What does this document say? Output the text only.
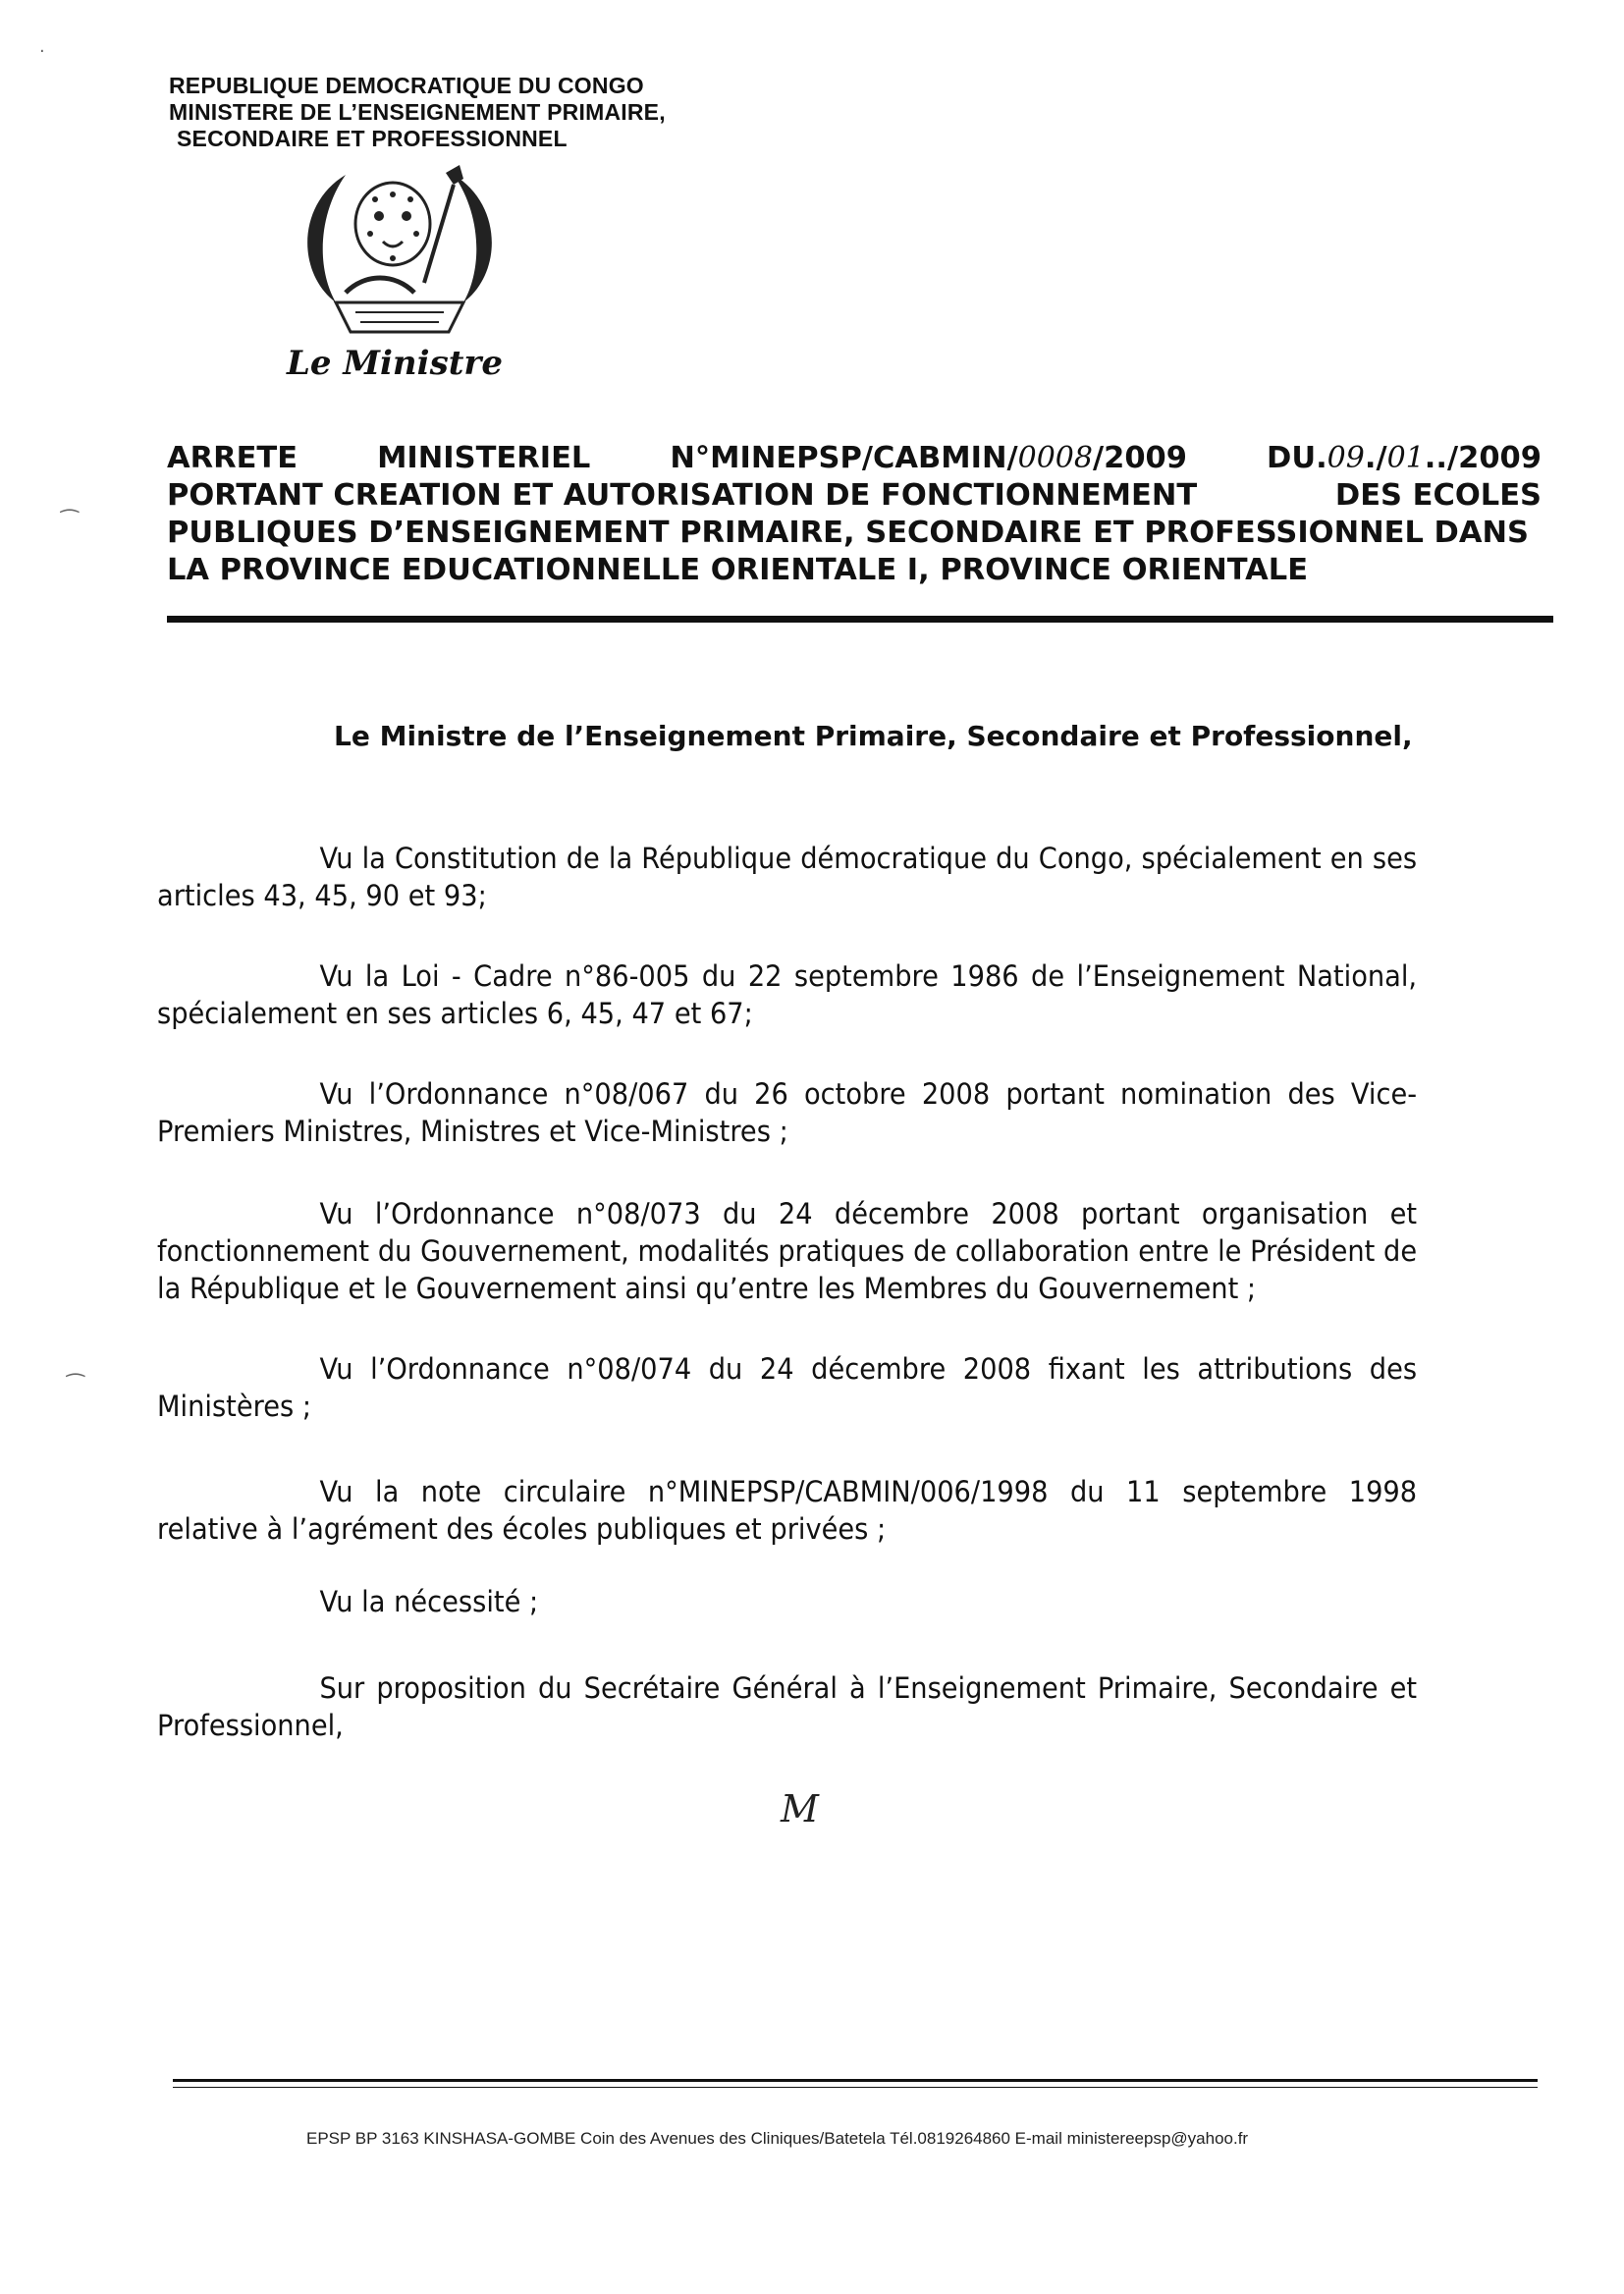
·
⁀
⁀
REPUBLIQUE DEMOCRATIQUE DU CONGO
MINISTERE DE L’ENSEIGNEMENT PRIMAIRE,
SECONDAIRE ET PROFESSIONNEL
Le Ministre
ARRETE	MINISTERIEL	N°MINEPSP/CABMIN/0008/2009	DU.09./01../2009
PORTANT CREATION ET AUTORISATION DE FONCTIONNEMENT	DES ECOLES
PUBLIQUES D’ENSEIGNEMENT PRIMAIRE, SECONDAIRE ET PROFESSIONNEL DANS
LA PROVINCE EDUCATIONNELLE ORIENTALE I, PROVINCE ORIENTALE
Le Ministre de l’Enseignement Primaire, Secondaire et Professionnel,
Vu la Constitution de la République démocratique du Congo, spécialement en ses articles 43, 45, 90 et 93;
Vu la Loi - Cadre n°86-005 du 22 septembre 1986 de l’Enseignement National, spécialement en ses articles 6, 45, 47 et 67;
Vu l’Ordonnance n°08/067 du 26 octobre 2008 portant nomination des Vice-Premiers Ministres, Ministres et Vice-Ministres ;
Vu l’Ordonnance n°08/073 du 24 décembre 2008 portant organisation et fonctionnement du Gouvernement, modalités pratiques de collaboration entre le Président de la République et le Gouvernement ainsi qu’entre les Membres du Gouvernement ;
Vu l’Ordonnance n°08/074 du 24 décembre 2008 fixant les attributions des Ministères ;
Vu la note circulaire n°MINEPSP/CABMIN/006/1998 du 11 septembre 1998 relative à l’agrément des écoles publiques et privées ;
Vu la nécessité ;
Sur proposition du Secrétaire Général à l’Enseignement Primaire, Secondaire et Professionnel,
M
EPSP BP 3163 KINSHASA-GOMBE Coin des Avenues des Cliniques/Batetela Tél.0819264860 E-mail ministereepsp@yahoo.fr
